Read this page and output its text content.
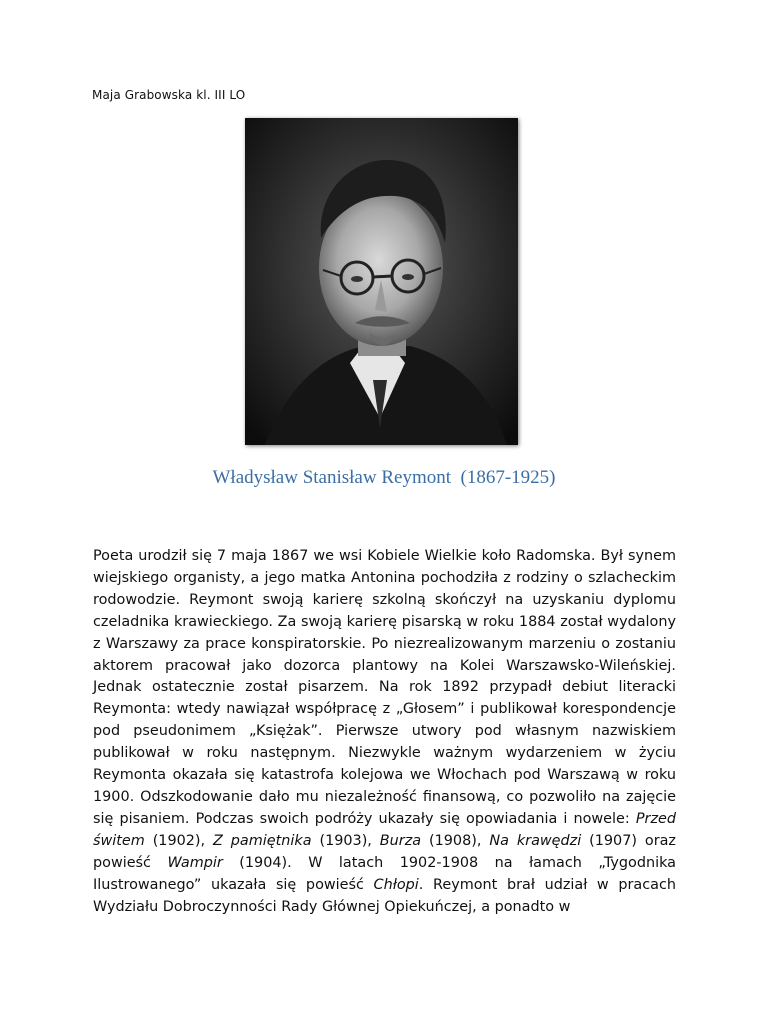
Maja Grabowska kl. III LO
Władysław Stanisław Reymont  (1867-1925)
Poeta urodził się 7 maja 1867 we wsi Kobiele Wielkie koło Radomska. Był synem wiejskiego organisty, a jego matka Antonina pochodziła z rodziny o szlacheckim rodowodzie. Reymont swoją karierę szkolną skończył na uzyskaniu dyplomu czeladnika krawieckiego. Za swoją karierę pisarską w roku 1884 został wydalony z Warszawy za prace konspiratorskie. Po niezrealizowanym marzeniu o zostaniu aktorem pracował jako dozorca plantowy na Kolei Warszawsko-Wileńskiej. Jednak ostatecznie został pisarzem. Na rok 1892 przypadł debiut literacki Reymonta: wtedy nawiązał współpracę z „Głosem” i publikował korespondencje pod pseudonimem „Księżak”. Pierwsze utwory pod własnym nazwiskiem publikował w roku następnym. Niezwykle ważnym wydarzeniem w życiu Reymonta okazała się katastrofa kolejowa we Włochach pod Warszawą w roku 1900. Odszkodowanie dało mu niezależność finansową, co pozwoliło na zajęcie się pisaniem. Podczas swoich podróży ukazały się opowiadania i nowele: Przed świtem (1902), Z pamiętnika (1903), Burza (1908), Na krawędzi (1907) oraz powieść Wampir (1904). W latach 1902-1908 na łamach „Tygodnika Ilustrowanego” ukazała się powieść Chłopi. Reymont brał udział w pracach Wydziału Dobroczynności Rady Głównej Opiekuńczej, a ponadto w
